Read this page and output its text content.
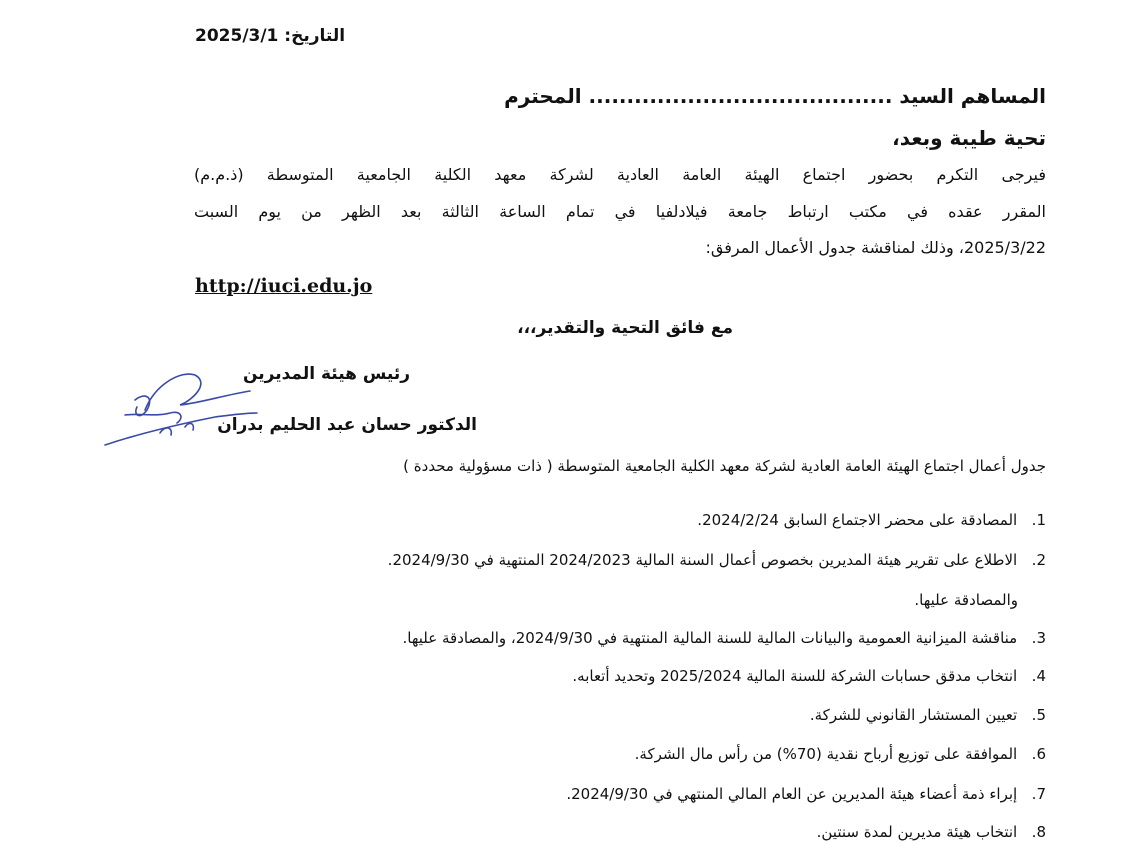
التاريخ: 2025/3/1
المساهم السيد ........................................ المحترم
تحية طيبة وبعد،
فيرجى التكرم بحضور اجتماع الهيئة العامة العادية لشركة معهد الكلية الجامعية المتوسطة (ذ.م.م)
المقرر عقده في مكتب ارتباط جامعة فيلادلفيا في تمام الساعة الثالثة بعد الظهر من يوم السبت
2025/3/22، وذلك لمناقشة جدول الأعمال المرفق:
http://iuci.edu.jo
مع فائق التحية والتقدير،،،
رئيس هيئة المديرين
الدكتور حسان عبد الحليم بدران
جدول أعمال اجتماع الهيئة العامة العادية لشركة معهد الكلية الجامعية المتوسطة ( ذات مسؤولية محددة )
1. المصادقة على محضر الاجتماع السابق 2024/2/24.
2. الاطلاع على تقرير هيئة المديرين بخصوص أعمال السنة المالية 2024/2023 المنتهية في 2024/9/30.
والمصادقة عليها.
3. مناقشة الميزانية العمومية والبيانات المالية للسنة المالية المنتهية في 2024/9/30، والمصادقة عليها.
4. انتخاب مدقق حسابات الشركة للسنة المالية 2025/2024 وتحديد أتعابه.
5. تعيين المستشار القانوني للشركة.
6. الموافقة على توزيع أرباح نقدية (70%) من رأس مال الشركة.
7. إبراء ذمة أعضاء هيئة المديرين عن العام المالي المنتهي في 2024/9/30.
8. انتخاب هيئة مديرين لمدة سنتين.
